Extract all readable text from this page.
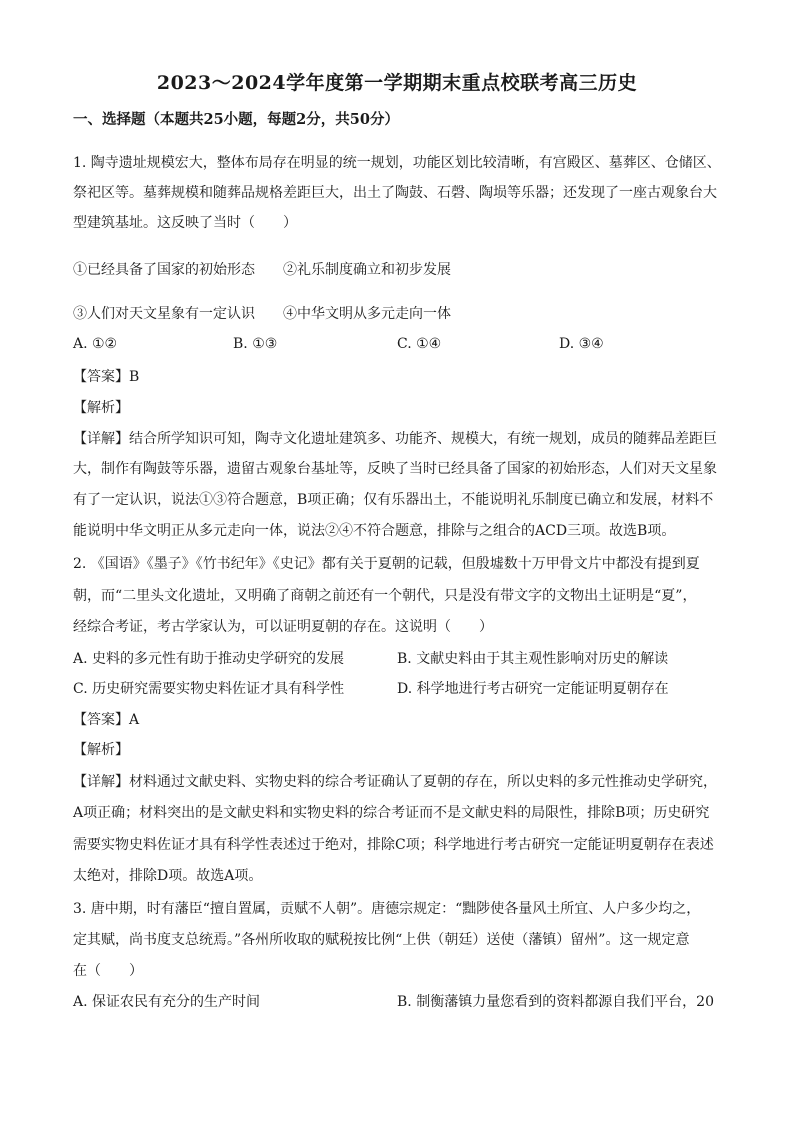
2023～2024学年度第一学期期末重点校联考高三历史
一、选择题（本题共25小题，每题2分，共50分）
1. 陶寺遗址规模宏大，整体布局存在明显的统一规划，功能区划比较清晰，有宫殿区、墓葬区、仓储区、
祭祀区等。墓葬规模和随葬品规格差距巨大，出土了陶鼓、石磬、陶埙等乐器；还发现了一座古观象台大
型建筑基址。这反映了当时（　　）
①已经具备了国家的初始形态　　②礼乐制度确立和初步发展
③人们对天文星象有一定认识　　④中华文明从多元走向一体
A. ①②	B. ①③	C. ①④	D. ③④
【答案】B
【解析】
【详解】结合所学知识可知，陶寺文化遗址建筑多、功能齐、规模大，有统一规划，成员的随葬品差距巨
大，制作有陶鼓等乐器，遗留古观象台基址等，反映了当时已经具备了国家的初始形态，人们对天文星象
有了一定认识，说法①③符合题意，B项正确；仅有乐器出土，不能说明礼乐制度已确立和发展，材料不
能说明中华文明正从多元走向一体，说法②④不符合题意，排除与之组合的ACD三项。故选B项。
2. 《国语》《墨子》《竹书纪年》《史记》都有关于夏朝的记载，但殷墟数十万甲骨文片中都没有提到夏
朝，而“二里头文化遗址，又明确了商朝之前还有一个朝代，只是没有带文字的文物出土证明是“夏”，
经综合考证，考古学家认为，可以证明夏朝的存在。这说明（　　）
A. 史料的多元性有助于推动史学研究的发展	B. 文献史料由于其主观性影响对历史的解读
C. 历史研究需要实物史料佐证才具有科学性	D. 科学地进行考古研究一定能证明夏朝存在
【答案】A
【解析】
【详解】材料通过文献史料、实物史料的综合考证确认了夏朝的存在，所以史料的多元性推动史学研究，
A项正确；材料突出的是文献史料和实物史料的综合考证而不是文献史料的局限性，排除B项；历史研究
需要实物史料佐证才具有科学性表述过于绝对，排除C项；科学地进行考古研究一定能证明夏朝存在表述
太绝对，排除D项。故选A项。
3. 唐中期，时有藩臣“擅自置属，贡赋不人朝”。唐德宗规定：“黜陟使各量风土所宜、人户多少均之，
定其赋，尚书度支总统焉。”各州所收取的赋税按比例“上供（朝廷）送使（藩镇）留州”。这一规定意
在（　　）
A. 保证农民有充分的生产时间	B. 制衡藩镇力量您看到的资料都源自我们平台，20
